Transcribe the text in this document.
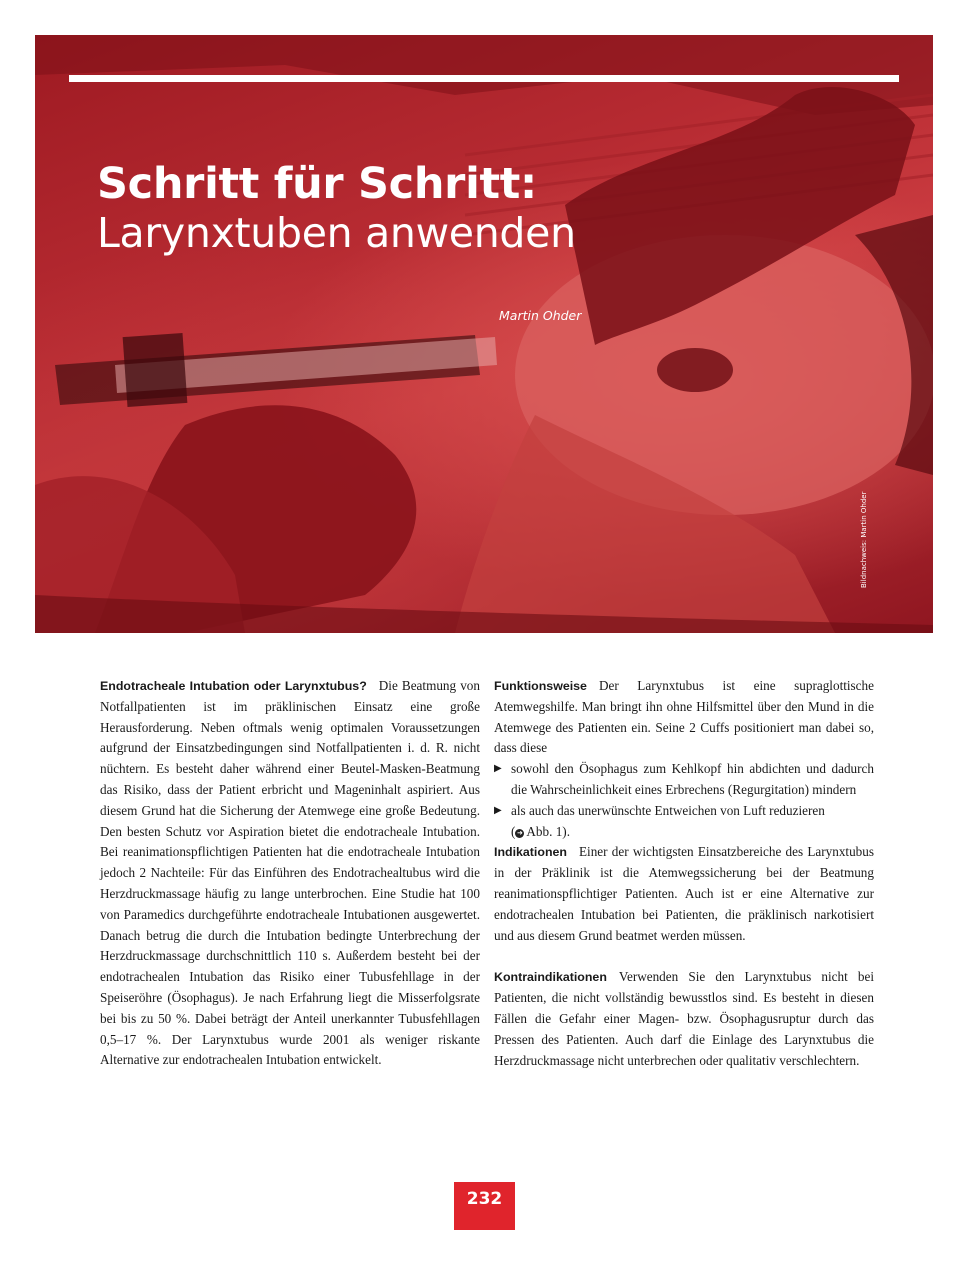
Schritt für Schritt:
Larynxtuben anwenden
Martin Ohder
Bildnachweis: Martin Ohder

Endotracheale Intubation oder Larynxtubus? Die Beatmung von Notfallpatienten ist im präklinischen Einsatz eine große Herausforderung. Neben oftmals wenig optimalen Voraussetzungen aufgrund der Einsatzbedingungen sind Notfallpatienten i. d. R. nicht nüchtern. Es besteht daher während einer Beutel-Masken-Beatmung das Risiko, dass der Patient erbricht und Mageninhalt aspiriert. Aus diesem Grund hat die Sicherung der Atemwege eine große Bedeutung. Den besten Schutz vor Aspiration bietet die endotracheale Intubation. Bei reanimationspflichtigen Patienten hat die endotracheale Intubation jedoch 2 Nachteile: Für das Einführen des Endotrachealtubus wird die Herzdruckmassage häufig zu lange unterbrochen. Eine Studie hat 100 von Paramedics durchgeführte endotracheale Intubationen ausgewertet. Danach betrug die durch die Intubation bedingte Unterbrechung der Herzdruckmassage durchschnittlich 110 s. Außerdem besteht bei der endotrachealen Intubation das Risiko einer Tubusfehllage in der Speiseröhre (Ösophagus). Je nach Erfahrung liegt die Misserfolgsrate bei bis zu 50 %. Dabei beträgt der Anteil unerkannter Tubusfehllagen 0,5–17 %. Der Larynxtubus wurde 2001 als weniger riskante Alternative zur endotrachealen Intubation entwickelt.

Funktionsweise Der Larynxtubus ist eine supraglottische Atemwegshilfe. Man bringt ihn ohne Hilfsmittel über den Mund in die Atemwege des Patienten ein. Seine 2 Cuffs positioniert man dabei so, dass diese

▶ sowohl den Ösophagus zum Kehlkopf hin abdichten und dadurch die Wahrscheinlichkeit eines Erbrechens (Regurgitation) mindern
▶ als auch das unerwünschte Entweichen von Luft reduzieren
( ➜ Abb. 1).

Indikationen Einer der wichtigsten Einsatzbereiche des Larynxtubus in der Präklinik ist die Atemwegssicherung bei der Beatmung reanimationspflichtiger Patienten. Auch ist er eine Alternative zur endotrachealen Intubation bei Patienten, die präklinisch narkotisiert und aus diesem Grund beatmet werden müssen.

Kontraindikationen Verwenden Sie den Larynxtubus nicht bei Patienten, die nicht vollständig bewusstlos sind. Es besteht in diesen Fällen die Gefahr einer Magen- bzw. Ösophagusruptur durch das Pressen des Patienten. Auch darf die Einlage des Larynxtubus die Herzdruckmassage nicht unterbrechen oder qualitativ verschlechtern.

232
